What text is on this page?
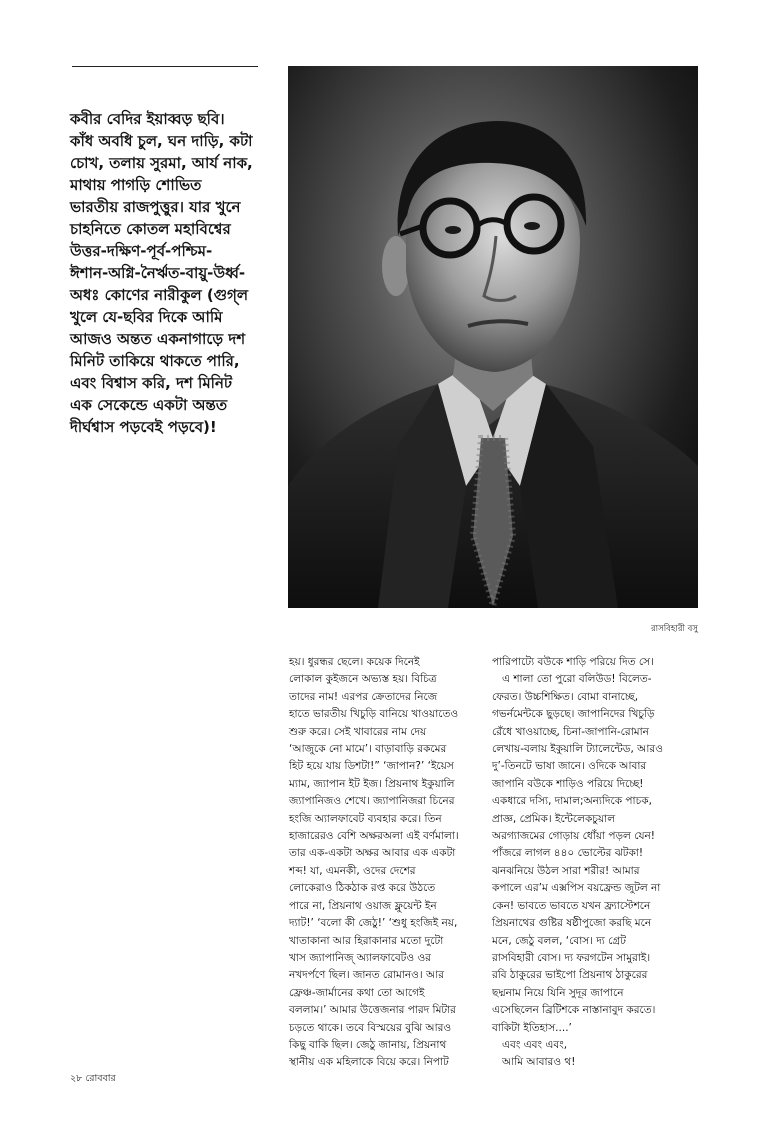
কবীর বেদির ইয়াব্বড় ছবি।
কাঁধ অবধি চুল, ঘন দাড়ি, কটা
চোখ, তলায় সুরমা, আর্য নাক,
মাথায় পাগড়ি শোভিত
ভারতীয় রাজপুত্তুর। যার খুনে
চাহনিতে কোতল মহাবিশ্বের
উত্তর-দক্ষিণ-পূর্ব-পশ্চিম-
ঈশান-অগ্নি-নৈর্ঋত-বায়ু-উর্ধ্ব-
অধঃ কোণের নারীকুল (গুগ্‌ল
খুলে যে-ছবির দিকে আমি
আজও অন্তত একনাগাড়ে দশ
মিনিট তাকিয়ে থাকতে পারি,
এবং বিশ্বাস করি, দশ মিনিট
এক সেকেন্ডে একটা অন্তত
দীর্ঘশ্বাস পড়বেই পড়বে)!
রাসবিহারী বসু
হয়। ধুরন্ধর ছেলে। কয়েক দিনেই
লোকাল কুইজনে অভ্যস্ত হয়। বিচিত্র
তাদের নাম! এরপর ক্রেতাদের নিজে
হাতে ভারতীয় খিচুড়ি বানিয়ে খাওয়াতেও
শুরু করে। সেই খাবারের নাম দেয়
‘আজুকে নো মামে’। বাড়াবাড়ি রকমের
হিট হয়ে যায় ডিশটা!” ‘জাপান?’ ‘ইয়েস
ম্যাম, জ্যাপান ইট ইজ। প্রিয়নাথ ইকুয়ালি
জ্যাপানিজও শেখে। জ্যাপানিজরা চিনের
হংজি অ্যালফাবেট ব্যবহার করে। তিন
হাজারেরও বেশি অক্ষরঅলা এই বর্ণমালা।
তার এক-একটা অক্ষর আবার এক একটা
শব্দ! যা, এমনকী, ওদের দেশের
লোকেরাও ঠিকঠাক রপ্ত করে উঠতে
পারে না, প্রিয়নাথ ওয়াজ ফ্লুয়েন্ট ইন
দ্যাট!’ ‘বলো কী জেঠু!’ ‘শুধু হংজিই নয়,
খাতাকানা আর হিরাকানার মতো দুটো
খাস জ্যাপানিজ্‌ অ্যালফাবেটও ওর
নখদর্পণে ছিল। জানত রোমানও। আর
ফ্রেঞ্চ-জার্মানের কথা তো আগেই
বললাম।’ আমার উত্তেজনার পারদ মিটার
চড়তে থাকে। তবে বিস্ময়ের বুঝি আরও
কিছু বাকি ছিল। জেঠু জানায়, প্রিয়নাথ
স্থানীয় এক মহিলাকে বিয়ে করে। নিপাট
পারিপাট্যে বউকে শাড়ি পরিয়ে দিত সে।
এ শালা তো পুরো বলিউড! বিলেত-
ফেরত। উচ্চশিক্ষিত। বোমা বানাচ্ছে,
গভর্নমেন্টকে ছুড়ছে। জাপানিদের খিচুড়ি
রেঁধে খাওয়াচ্ছে, চিনা-জাপানি-রোমান
লেখায়-বলায় ইকুয়ালি ট্যালেন্টেড, আরও
দু’-তিনটে ভাষা জানে। ওদিকে আবার
জাপানি বউকে শাড়িও পরিয়ে দিচ্ছে!
একধারে দস্যি, দামাল;অন্যদিকে পাচক,
প্রাজ্ঞ, প্রেমিক। ইন্টেলেকচুয়াল
অরগ্যাজমের গোড়ায় ধোঁয়া পড়ল যেন!
পাঁজরে লাগল ৪৪০ ভোল্টের ঝটকা!
ঝনঝনিয়ে উঠল সারা শরীর! আমার
কপালে এর’ম এক্সপিস বয়ফ্রেন্ড জুটল না
কেন! ভাবতে ভাবতে যখন ফ্র্যাস্টেশনে
প্রিয়নাথের গুষ্টির ষষ্ঠীপুজো করছি মনে
মনে, জেঠু বলল, ‘বোস। দ্য গ্রেট
রাসবিহারী বোস। দ্য ফরগটেন সামুরাই।
রবি ঠাকুরের ভাইপো প্রিয়নাথ ঠাকুরের
ছদ্মনাম নিয়ে যিনি সুদূর জাপানে
এসেছিলেন ব্রিটিশকে নাস্তানাবুদ করতে।
বাকিটা ইতিহাস....’
এবং এবং এবং,
আমি আবারও থ!
২৮ রোববার
